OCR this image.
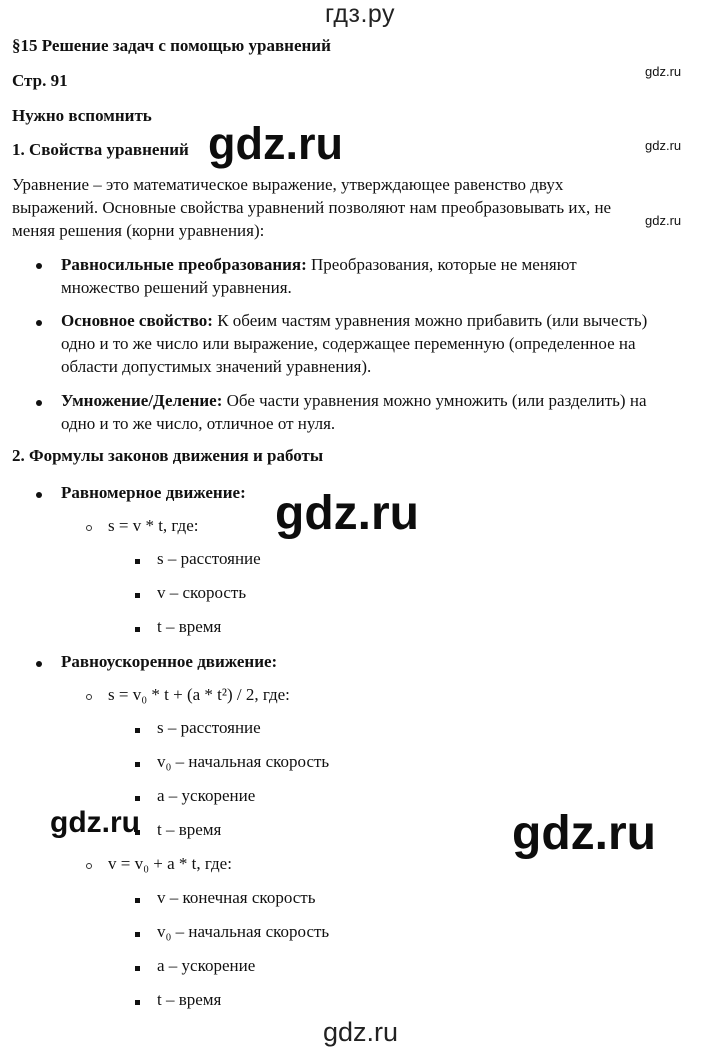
гдз.ру
§15 Решение задач с помощью уравнений
Стр. 91
Нужно вспомнить
1. Свойства уравнений
Уравнение – это математическое выражение, утверждающее равенство двух
выражений. Основные свойства уравнений позволяют нам преобразовывать их, не
меняя решения (корни уравнения):
Равносильные преобразования: Преобразования, которые не меняют
множество решений уравнения.
Основное свойство: К обеим частям уравнения можно прибавить (или вычесть)
одно и то же число или выражение, содержащее переменную (определенное на
области допустимых значений уравнения).
Умножение/Деление: Обе части уравнения можно умножить (или разделить) на
одно и то же число, отличное от нуля.
2. Формулы законов движения и работы
Равномерное движение:
s = v * t, где:
s – расстояние
v – скорость
t – время
Равноускоренное движение:
s = v₀ * t + (a * t²) / 2, где:
s – расстояние
v₀ – начальная скорость
a – ускорение
t – время
v = v₀ + a * t, где:
v – конечная скорость
v₀ – начальная скорость
a – ускорение
t – время
gdz.ru
gdz.ru
gdz.ru
gdz.ru
gdz.ru
gdz.ru	gdz.ru
gdz.ru
